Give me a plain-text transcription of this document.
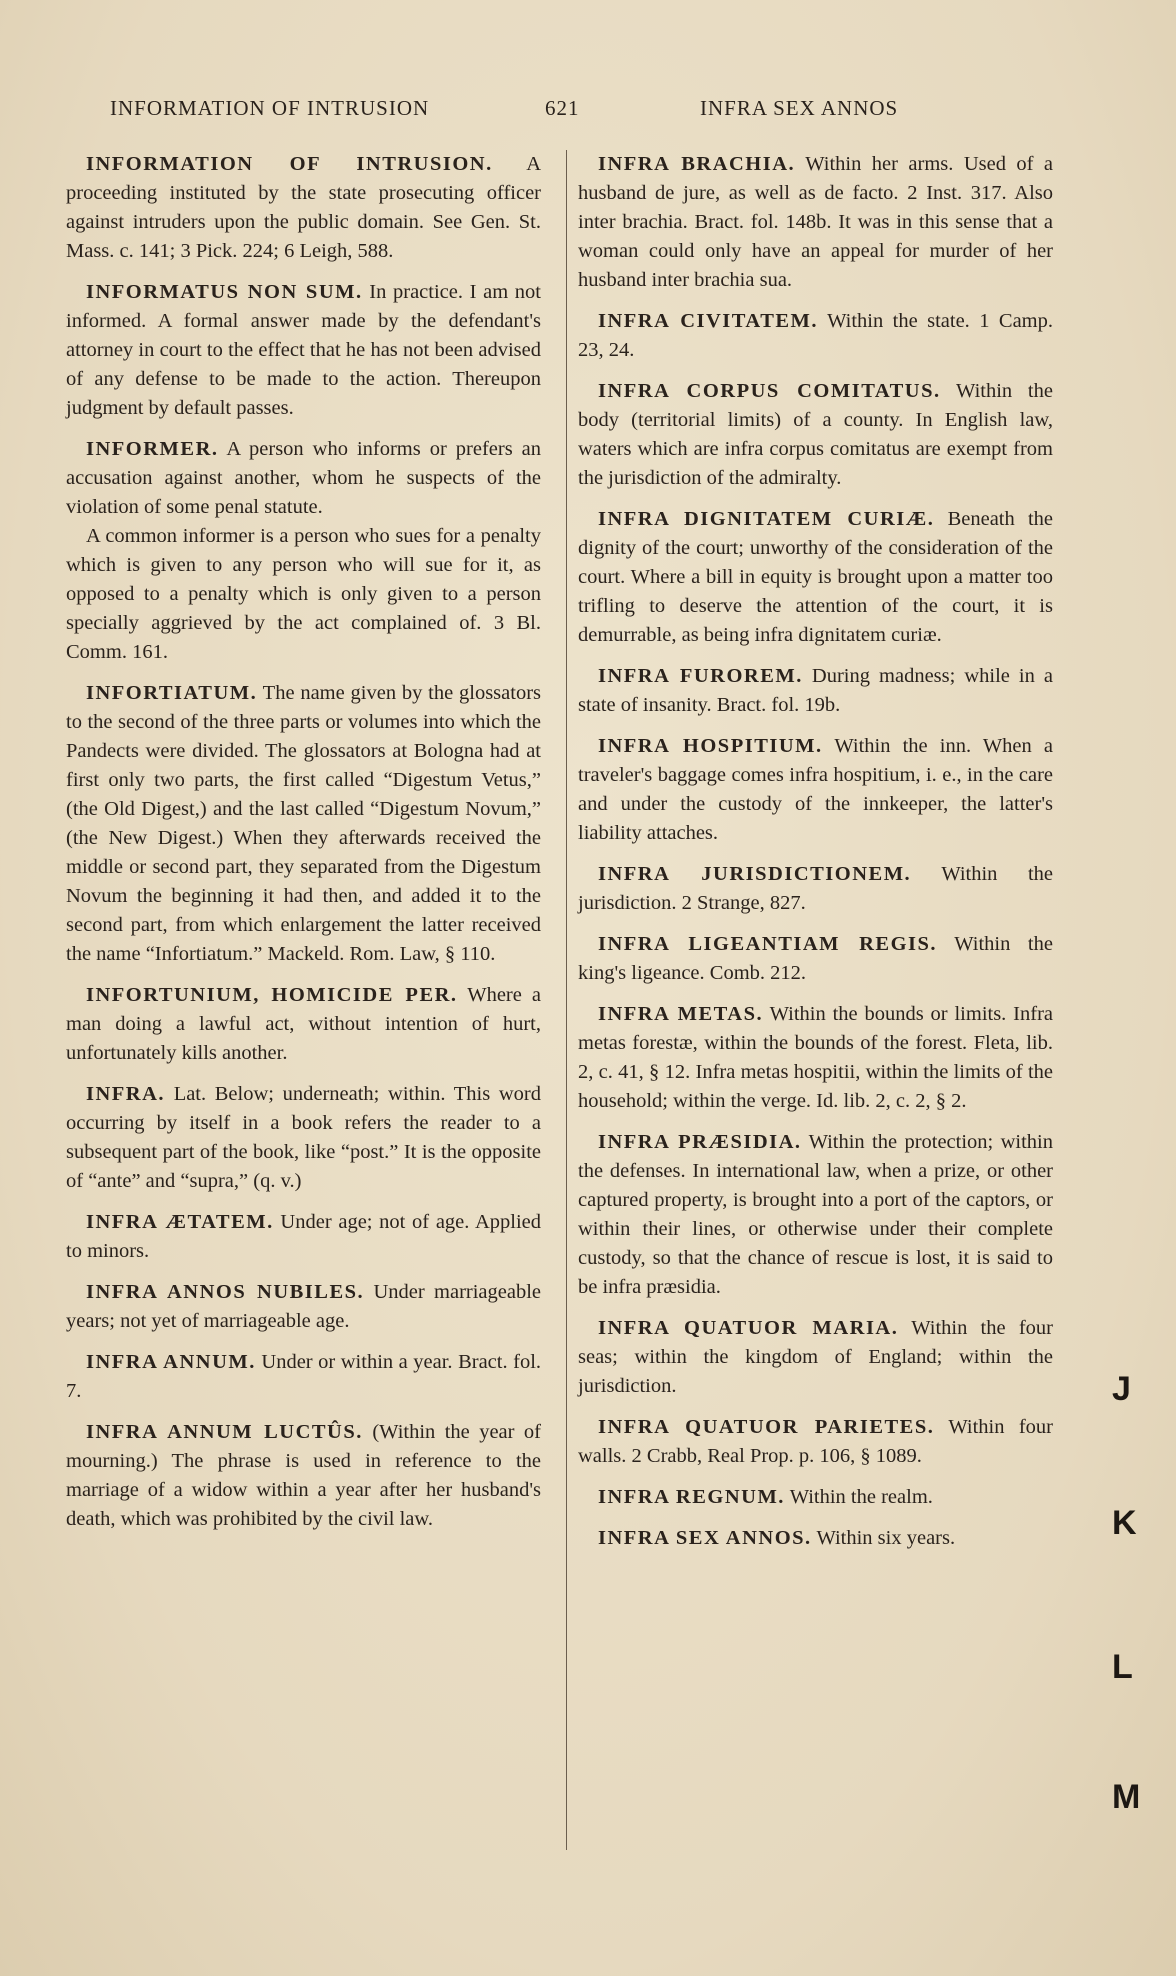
INFORMATION OF INTRUSION	621	INFRA SEX ANNOS
INFORMATION OF INTRUSION. A proceeding instituted by the state prosecuting officer against intruders upon the public domain. See Gen. St. Mass. c. 141; 3 Pick. 224; 6 Leigh, 588.
INFORMATUS NON SUM. In practice. I am not informed. A formal answer made by the defendant's attorney in court to the effect that he has not been advised of any defense to be made to the action. Thereupon judgment by default passes.
INFORMER. A person who informs or prefers an accusation against another, whom he suspects of the violation of some penal statute.
A common informer is a person who sues for a penalty which is given to any person who will sue for it, as opposed to a penalty which is only given to a person specially aggrieved by the act complained of. 3 Bl. Comm. 161.
INFORTIATUM. The name given by the glossators to the second of the three parts or volumes into which the Pandects were divided. The glossators at Bologna had at first only two parts, the first called “Digestum Vetus,” (the Old Digest,) and the last called “Digestum Novum,” (the New Digest.) When they afterwards received the middle or second part, they separated from the Digestum Novum the beginning it had then, and added it to the second part, from which enlargement the latter received the name “Infortiatum.” Mackeld. Rom. Law, § 110.
INFORTUNIUM, HOMICIDE PER. Where a man doing a lawful act, without intention of hurt, unfortunately kills another.
INFRA. Lat. Below; underneath; within. This word occurring by itself in a book refers the reader to a subsequent part of the book, like “post.” It is the opposite of “ante” and “supra,” (q. v.)
INFRA ÆTATEM. Under age; not of age. Applied to minors.
INFRA ANNOS NUBILES. Under marriageable years; not yet of marriageable age.
INFRA ANNUM. Under or within a year. Bract. fol. 7.
INFRA ANNUM LUCTÛS. (Within the year of mourning.) The phrase is used in reference to the marriage of a widow within a year after her husband's death, which was prohibited by the civil law.
INFRA BRACHIA. Within her arms. Used of a husband de jure, as well as de facto. 2 Inst. 317. Also inter brachia. Bract. fol. 148b. It was in this sense that a woman could only have an appeal for murder of her husband inter brachia sua.
INFRA CIVITATEM. Within the state. 1 Camp. 23, 24.
INFRA CORPUS COMITATUS. Within the body (territorial limits) of a county. In English law, waters which are infra corpus comitatus are exempt from the jurisdiction of the admiralty.
INFRA DIGNITATEM CURIÆ. Beneath the dignity of the court; unworthy of the consideration of the court. Where a bill in equity is brought upon a matter too trifling to deserve the attention of the court, it is demurrable, as being infra dignitatem curiæ.
INFRA FUROREM. During madness; while in a state of insanity. Bract. fol. 19b.
INFRA HOSPITIUM. Within the inn. When a traveler's baggage comes infra hospitium, i. e., in the care and under the custody of the innkeeper, the latter's liability attaches.
INFRA JURISDICTIONEM. Within the jurisdiction. 2 Strange, 827.
INFRA LIGEANTIAM REGIS. Within the king's ligeance. Comb. 212.
INFRA METAS. Within the bounds or limits. Infra metas forestæ, within the bounds of the forest. Fleta, lib. 2, c. 41, § 12. Infra metas hospitii, within the limits of the household; within the verge. Id. lib. 2, c. 2, § 2.
INFRA PRÆSIDIA. Within the protection; within the defenses. In international law, when a prize, or other captured property, is brought into a port of the captors, or within their lines, or otherwise under their complete custody, so that the chance of rescue is lost, it is said to be infra præsidia.
INFRA QUATUOR MARIA. Within the four seas; within the kingdom of England; within the jurisdiction.
INFRA QUATUOR PARIETES. Within four walls. 2 Crabb, Real Prop. p. 106, § 1089.
INFRA REGNUM. Within the realm.
INFRA SEX ANNOS. Within six years.
J
K
L
M
